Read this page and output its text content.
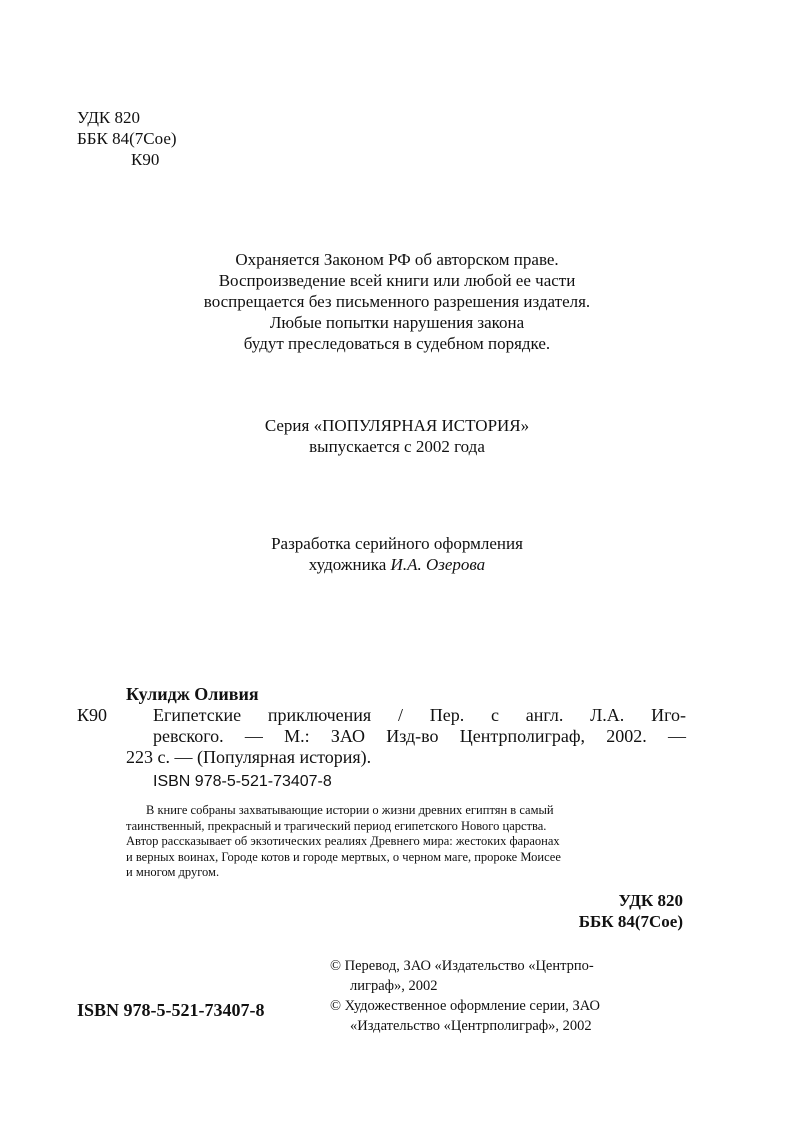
УДК 820
ББК 84(7Сое)
К90
Охраняется Законом РФ об авторском праве.
Воспроизведение всей книги или любой ее части
воспрещается без письменного разрешения издателя.
Любые попытки нарушения закона
будут преследоваться в судебном порядке.
Серия «ПОПУЛЯРНАЯ ИСТОРИЯ»
выпускается с 2002 года
Разработка серийного оформления
художника И.А. Озерова
Кулидж Оливия
К90	Египетские приключения / Пер. с англ. Л.А. Иго-
ревского. — М.: ЗАО Изд-во Центрполиграф, 2002. —
223 с. — (Популярная история).
ISBN 978-5-521-73407-8
В книге собраны захватывающие истории о жизни древних египтян в самый
таинственный, прекрасный и трагический период египетского Нового царства.
Автор рассказывает об экзотических реалиях Древнего мира: жестоких фараонах
и верных воинах, Городе котов и городе мертвых, о черном маге, пророке Моисее
и многом другом.
УДК 820
ББК 84(7Сое)
ISBN 978-5-521-73407-8
© Перевод, ЗАО «Издательство «Центрпо-
лиграф», 2002
© Художественное оформление серии, ЗАО
«Издательство «Центрполиграф», 2002
